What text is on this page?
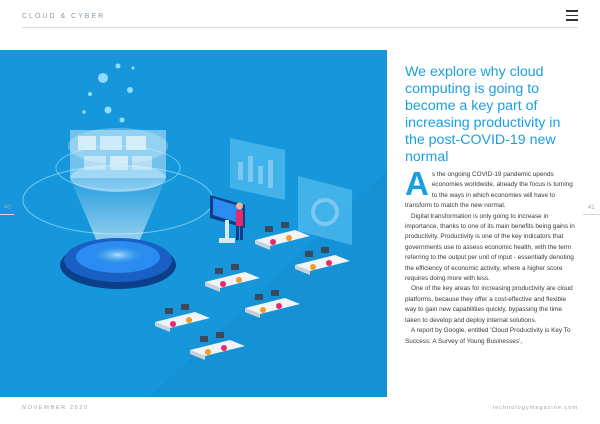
CLOUD & CYBER
40	41
We explore why cloud computing is going to become a key part of increasing productivity in the post-COVID-19 new normal

As the ongoing COVID-19 pandemic upends economies worldwide, already the focus is turning to the ways in which economies will have to transform to match the new normal.

Digital transformation is only going to increase in importance, thanks to one of its main benefits being gains in productivity. Productivity is one of the key indicators that governments use to assess economic health, with the term referring to the output per unit of input - essentially denoting the efficiency of economic activity, where a higher score requires doing more with less.

One of the key areas for increasing productivity are cloud platforms, because they offer a cost-effective and flexible way to gain new capabilities quickly, bypassing the time taken to develop and deploy internal solutions.

A report by Google, entitled 'Cloud Productivity is Key To Success: A Survey of Young Businesses',

NOVEMBER 2020	technologymagazine.com
